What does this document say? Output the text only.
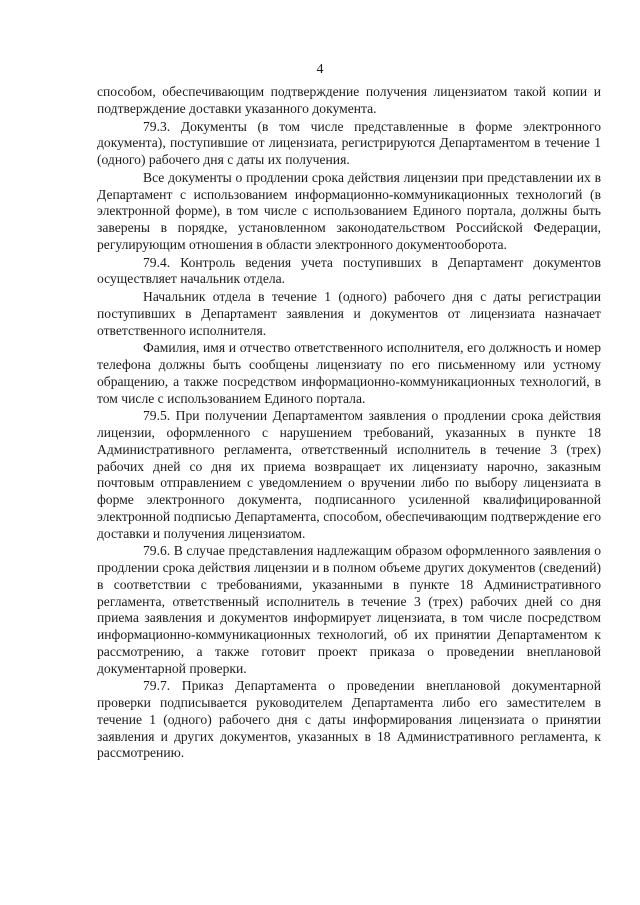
4

способом, обеспечивающим подтверждение получения лицензиатом такой копии и подтверждение доставки указанного документа.

79.3. Документы (в том числе представленные в форме электронного документа), поступившие от лицензиата, регистрируются Департаментом в течение 1 (одного) рабочего дня с даты их получения.

Все документы о продлении срока действия лицензии при представлении их в Департамент с использованием информационно-коммуникационных технологий (в электронной форме), в том числе с использованием Единого портала, должны быть заверены в порядке, установленном законодательством Российской Федерации, регулирующим отношения в области электронного документооборота.

79.4. Контроль ведения учета поступивших в Департамент документов осуществляет начальник отдела.

Начальник отдела в течение 1 (одного) рабочего дня с даты регистрации поступивших в Департамент заявления и документов от лицензиата назначает ответственного исполнителя.

Фамилия, имя и отчество ответственного исполнителя, его должность и номер телефона должны быть сообщены лицензиату по его письменному или устному обращению, а также посредством информационно-коммуникационных технологий, в том числе с использованием Единого портала.

79.5. При получении Департаментом заявления о продлении срока действия лицензии, оформленного с нарушением требований, указанных в пункте 18 Административного регламента, ответственный исполнитель в течение 3 (трех) рабочих дней со дня их приема возвращает их лицензиату нарочно, заказным почтовым отправлением с уведомлением о вручении либо по выбору лицензиата в форме электронного документа, подписанного усиленной квалифицированной электронной подписью Департамента, способом, обеспечивающим подтверждение его доставки и получения лицензиатом.

79.6. В случае представления надлежащим образом оформленного заявления о продлении срока действия лицензии и в полном объеме других документов (сведений) в соответствии с требованиями, указанными в пункте 18 Административного регламента, ответственный исполнитель в течение 3 (трех) рабочих дней со дня приема заявления и документов информирует лицензиата, в том числе посредством информационно-коммуникационных технологий, об их принятии Департаментом к рассмотрению, а также готовит проект приказа о проведении внеплановой документарной проверки.

79.7. Приказ Департамента о проведении внеплановой документарной проверки подписывается руководителем Департамента либо его заместителем в течение 1 (одного) рабочего дня с даты информирования лицензиата о принятии заявления и других документов, указанных в 18 Административного регламента, к рассмотрению.
